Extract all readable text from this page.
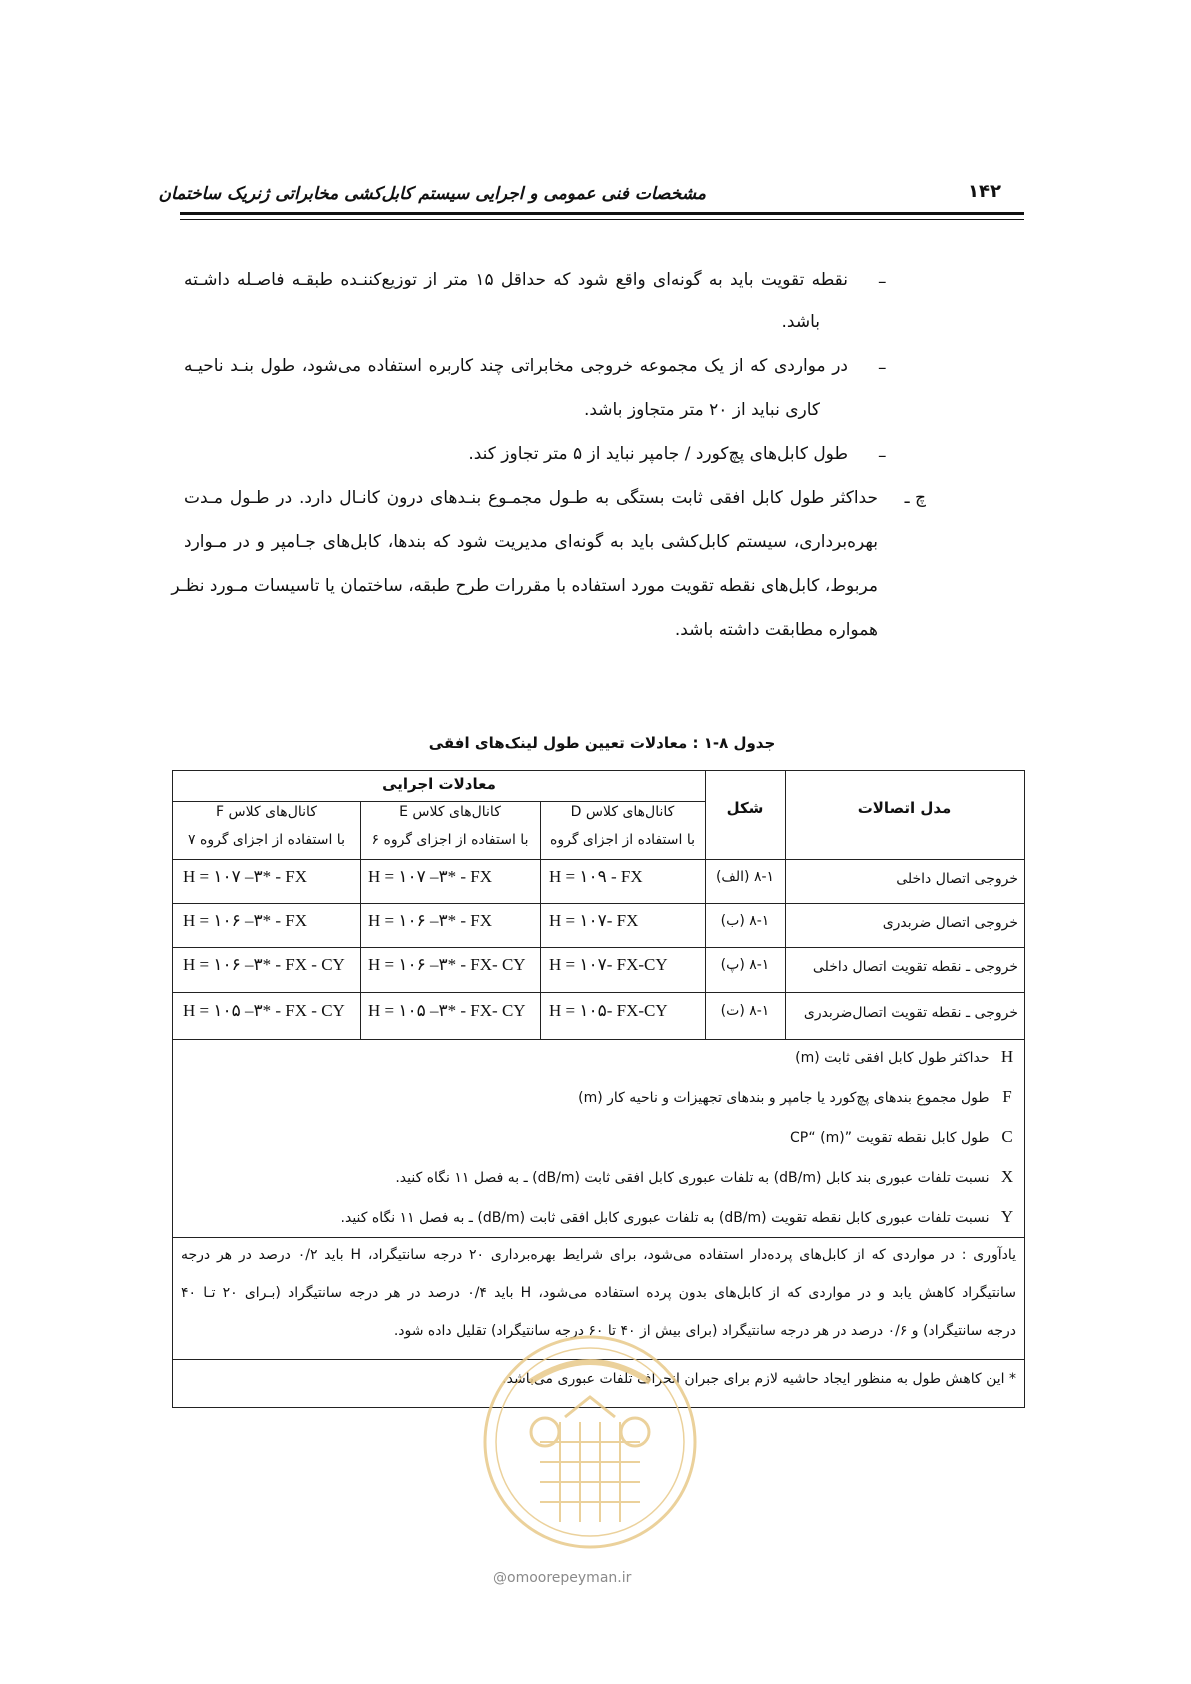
مشخصات فنی عمومی و اجرایی سیستم کابل‌کشی مخابراتی ژنریک ساختمان	۱۴۲
–
نقطه تقویت باید به گونه‌ای واقع شود که حداقل ۱۵ متر از توزیع‌کننـده طبقـه فاصـله داشـته
باشد.
–
در مواردی که از یک مجموعه خروجی مخابراتی چند کاربره استفاده می‌شود، طول بنـد ناحیـه
کاری نباید از ۲۰ متر متجاوز باشد.
–
طول کابل‌های پچ‌کورد / جامپر نباید از ۵ متر تجاوز کند.
چ ـ
حداکثر طول کابل افقی ثابت بستگی به طـول مجمـوع بنـدهای درون کانـال دارد. در طـول مـدت
بهره‌برداری، سیستم کابل‌کشی باید به گونه‌ای مدیریت شود که بندها، کابل‌های جـامپر و در مـوارد
مربوط، کابل‌های نقطه تقویت مورد استفاده با مقررات طرح طبقه، ساختمان یا تاسیسات مـورد نظـر
همواره مطابقت داشته باشد.
جدول ۸-۱ : معادلات تعیین طول لینک‌های افقی
مدل اتصالات
شکل
معادلات اجرایی
کانال‌های کلاس D
با استفاده از اجزای گروه
کانال‌های کلاس E
با استفاده از اجزای گروه ۶
کانال‌های کلاس F
با استفاده از اجزای گروه ۷
خروجی اتصال داخلی
۸-۱ (الف)
H = ۱۰۹ - FX
H = ۱۰۷ –۳* - FX
H = ۱۰۷ –۳* - FX
خروجی اتصال ضربدری
۸-۱ (ب)
H = ۱۰۷- FX
H = ۱۰۶ –۳* - FX
H = ۱۰۶ –۳* - FX
خروجی ـ نقطه تقویت اتصال داخلی
۸-۱ (پ)
H = ۱۰۷- FX-CY
H = ۱۰۶ –۳* - FX- CY
H = ۱۰۶ –۳* - FX - CY
خروجی ـ نقطه تقویت اتصال‌ضربدری
۸-۱ (ت)
H = ۱۰۵- FX-CY
H = ۱۰۵ –۳* - FX- CY
H = ۱۰۵ –۳* - FX - CY
H حداکثر طول کابل افقی ثابت (m)
F طول مجموع بندهای پچ‌کورد یا جامپر و بندهای تجهیزات و ناحیه کار (m)
C طول کابل نقطه تقویت ”CP“ (m)
X نسبت تلفات عبوری بند کابل (dB/m) به تلفات عبوری کابل افقی ثابت (dB/m) ـ به فصل ۱۱ نگاه کنید.
Y نسبت تلفات عبوری کابل نقطه تقویت (dB/m) به تلفات عبوری کابل افقی ثابت (dB/m) ـ به فصل ۱۱ نگاه کنید.
یادآوری : در مواردی که از کابل‌های پرده‌دار استفاده می‌شود، برای شرایط بهره‌برداری ۲۰ درجه سانتیگراد، H باید ۰/۲ درصد در هر درجه
سانتیگراد کاهش یابد و در مواردی که از کابل‌های بدون پرده استفاده می‌شود، H باید ۰/۴ درصد در هر درجه سانتیگراد (بـرای ۲۰ تـا ۴۰
درجه سانتیگراد) و ۰/۶ درصد در هر درجه سانتیگراد (برای بیش از ۴۰ تا ۶۰ درجه سانتیگراد) تقلیل داده شود.
* این کاهش طول به منظور ایجاد حاشیه لازم برای جبران انحراف تلفات عبوری می‌باشد.
@omoorepeyman.ir
